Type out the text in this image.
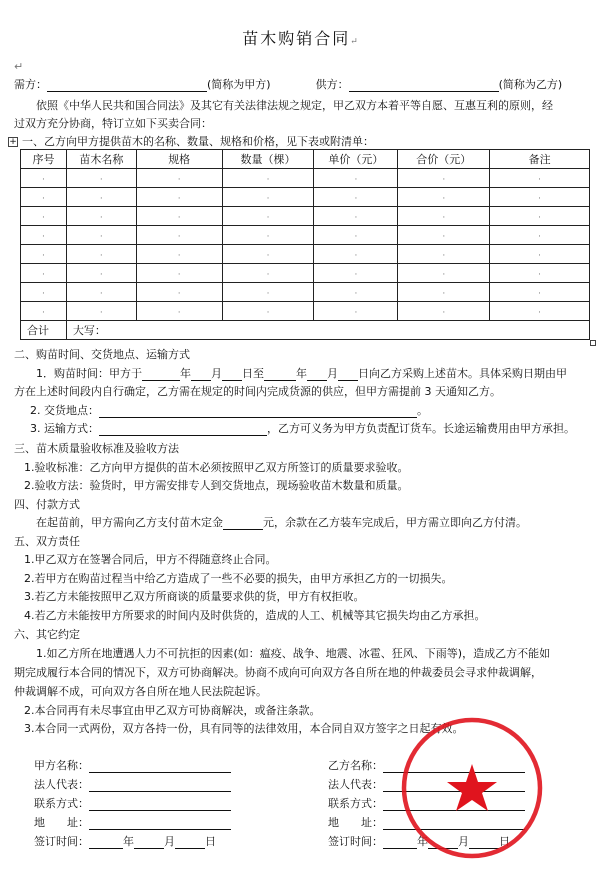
苗木购销合同↵
↵
需方：	(简称为甲方)	供方：	(简称为乙方)
依照《中华人民共和国合同法》及其它有关法律法规之规定，甲乙双方本着平等自愿、互惠互利的原则，经
过双方充分协商，特订立如下买卖合同：
+ 一、乙方向甲方提供苗木的名称、数量、规格和价格，见下表或附清单：
序号	苗木名称	规格	数量（棵）	单价（元）	合价（元）	备注
·	·	·	·	·	·	·
·	·	·	·	·	·	·
·	·	·	·	·	·	·
·	·	·	·	·	·	·
·	·	·	·	·	·	·
·	·	·	·	·	·	·
·	·	·	·	·	·	·
·	·	·	·	·	·	·
合计	大写：					
二、购苗时间、交货地点、运输方式
1．购苗时间：甲方于	年 月 日至	年 月 日向乙方采购上述苗木。具体采购日期由甲
方在上述时间段内自行确定，乙方需在规定的时间内完成货源的供应，但甲方需提前 3 天通知乙方。
2. 交货地点：	。
3. 运输方式：	，乙方可义务为甲方负责配订货车。长途运输费用由甲方承担。
三、苗木质量验收标准及验收方法
1.验收标准：乙方向甲方提供的苗木必须按照甲乙双方所签订的质量要求验收。
2.验收方法：验货时，甲方需安排专人到交货地点，现场验收苗木数量和质量。
四、付款方式
在起苗前，甲方需向乙方支付苗木定金	元，余款在乙方装车完成后，甲方需立即向乙方付清。
五、双方责任
1.甲乙双方在签署合同后，甲方不得随意终止合同。
2.若甲方在购苗过程当中给乙方造成了一些不必要的损失，由甲方承担乙方的一切损失。
3.若乙方未能按照甲乙双方所商谈的质量要求供的货，甲方有权拒收。
4.若乙方未能按甲方所要求的时间内及时供货的，造成的人工、机械等其它损失均由乙方承担。
六、其它约定
1.如乙方所在地遭遇人力不可抗拒的因素(如：瘟疫、战争、地震、冰雹、狂风、下雨等)，造成乙方不能如
期完成履行本合同的情况下，双方可协商解决。协商不成向可向双方各自所在地的仲裁委员会寻求仲裁调解，
仲裁调解不成，可向双方各自所在地人民法院起诉。
2.本合同再有未尽事宜由甲乙双方可协商解决，或备注条款。
3.本合同一式两份，双方各持一份，具有同等的法律效用，本合同自双方签字之日起有效。
甲方名称：
法人代表：
联系方式：
地　　址：
签订时间：	年	月	日
乙方名称：
法人代表：
联系方式：
地　　址：
签订时间：	年	月	日
